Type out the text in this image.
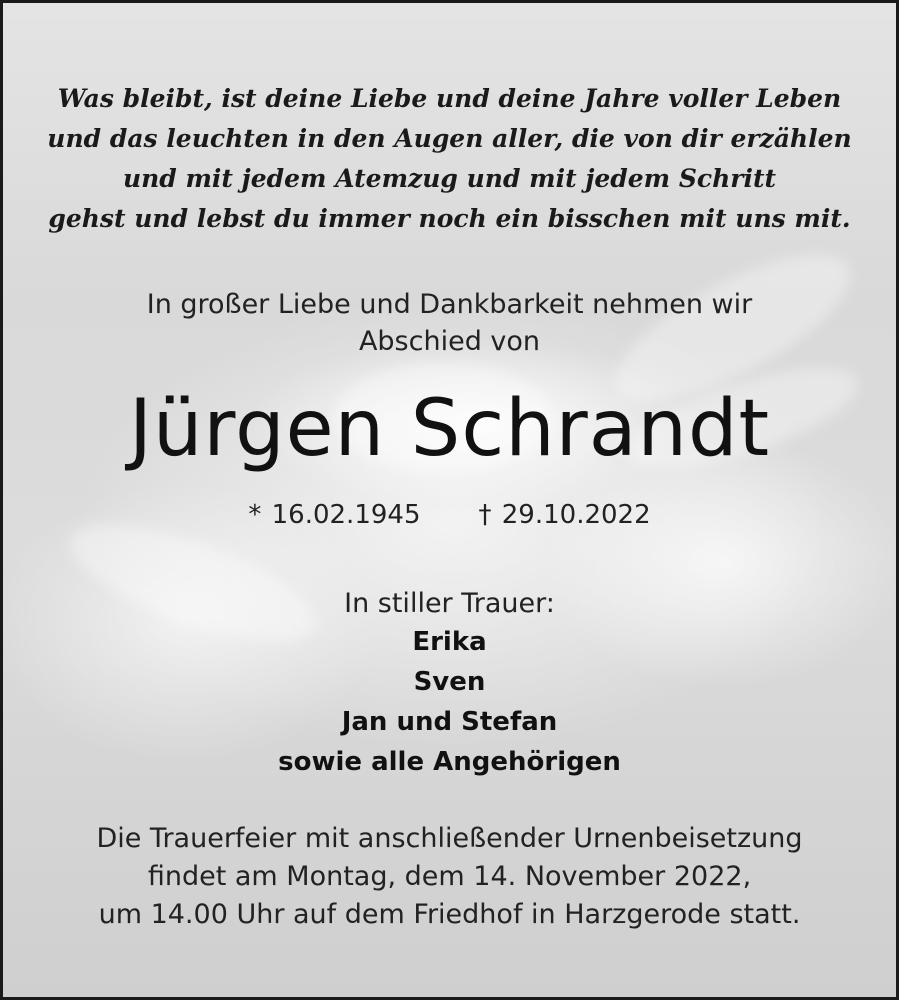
Was bleibt, ist deine Liebe und deine Jahre voller Leben
und das leuchten in den Augen aller, die von dir erzählen
und mit jedem Atemzug und mit jedem Schritt
gehst und lebst du immer noch ein bisschen mit uns mit.
In großer Liebe und Dankbarkeit nehmen wir
Abschied von
Jürgen Schrandt
* 16.02.1945 † 29.10.2022
In stiller Trauer:
Erika
Sven
Jan und Stefan
sowie alle Angehörigen
Die Trauerfeier mit anschließender Urnenbeisetzung
findet am Montag, dem 14. November 2022,
um 14.00 Uhr auf dem Friedhof in Harzgerode statt.
